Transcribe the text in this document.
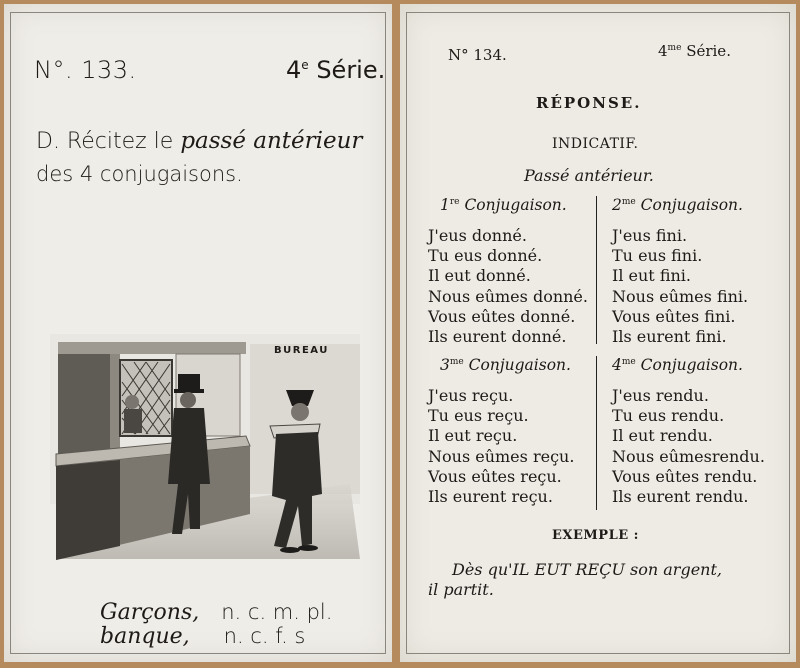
N°. 133.	4e Série.
D. Récitez le passé antérieur
des 4 conjugaisons.
BUREAU
Garçons, n. c. m. pl.
banque, n. c. f. s
N° 134.	$4^{me}$ Série.
RÉPONSE.
INDICATIF.
Passé antérieur.
1re Conjugaison.
J'eus donné.
Tu eus donné.
Il eut donné.
Nous eûmes donné.
Vous eûtes donné.
Ils eurent donné.
$2^{me}$ Conjugaison.
J'eus fini.
Tu eus fini.
Il eut fini.
Nous eûmes fini.
Vous eûtes fini.
Ils eurent fini.
$3^{me}$ Conjugaison.
J'eus reçu.
Tu eus reçu.
Il eut reçu.
Nous eûmes reçu.
Vous eûtes reçu.
Ils eurent reçu.
$4^{me}$ Conjugaison.
J'eus rendu.
Tu eus rendu.
Il eut rendu.
Nous eûmesrendu.
Vous eûtes rendu.
Ils eurent rendu.
EXEMPLE :
Dès qu'IL EUT REÇU son argent,
il partit.
